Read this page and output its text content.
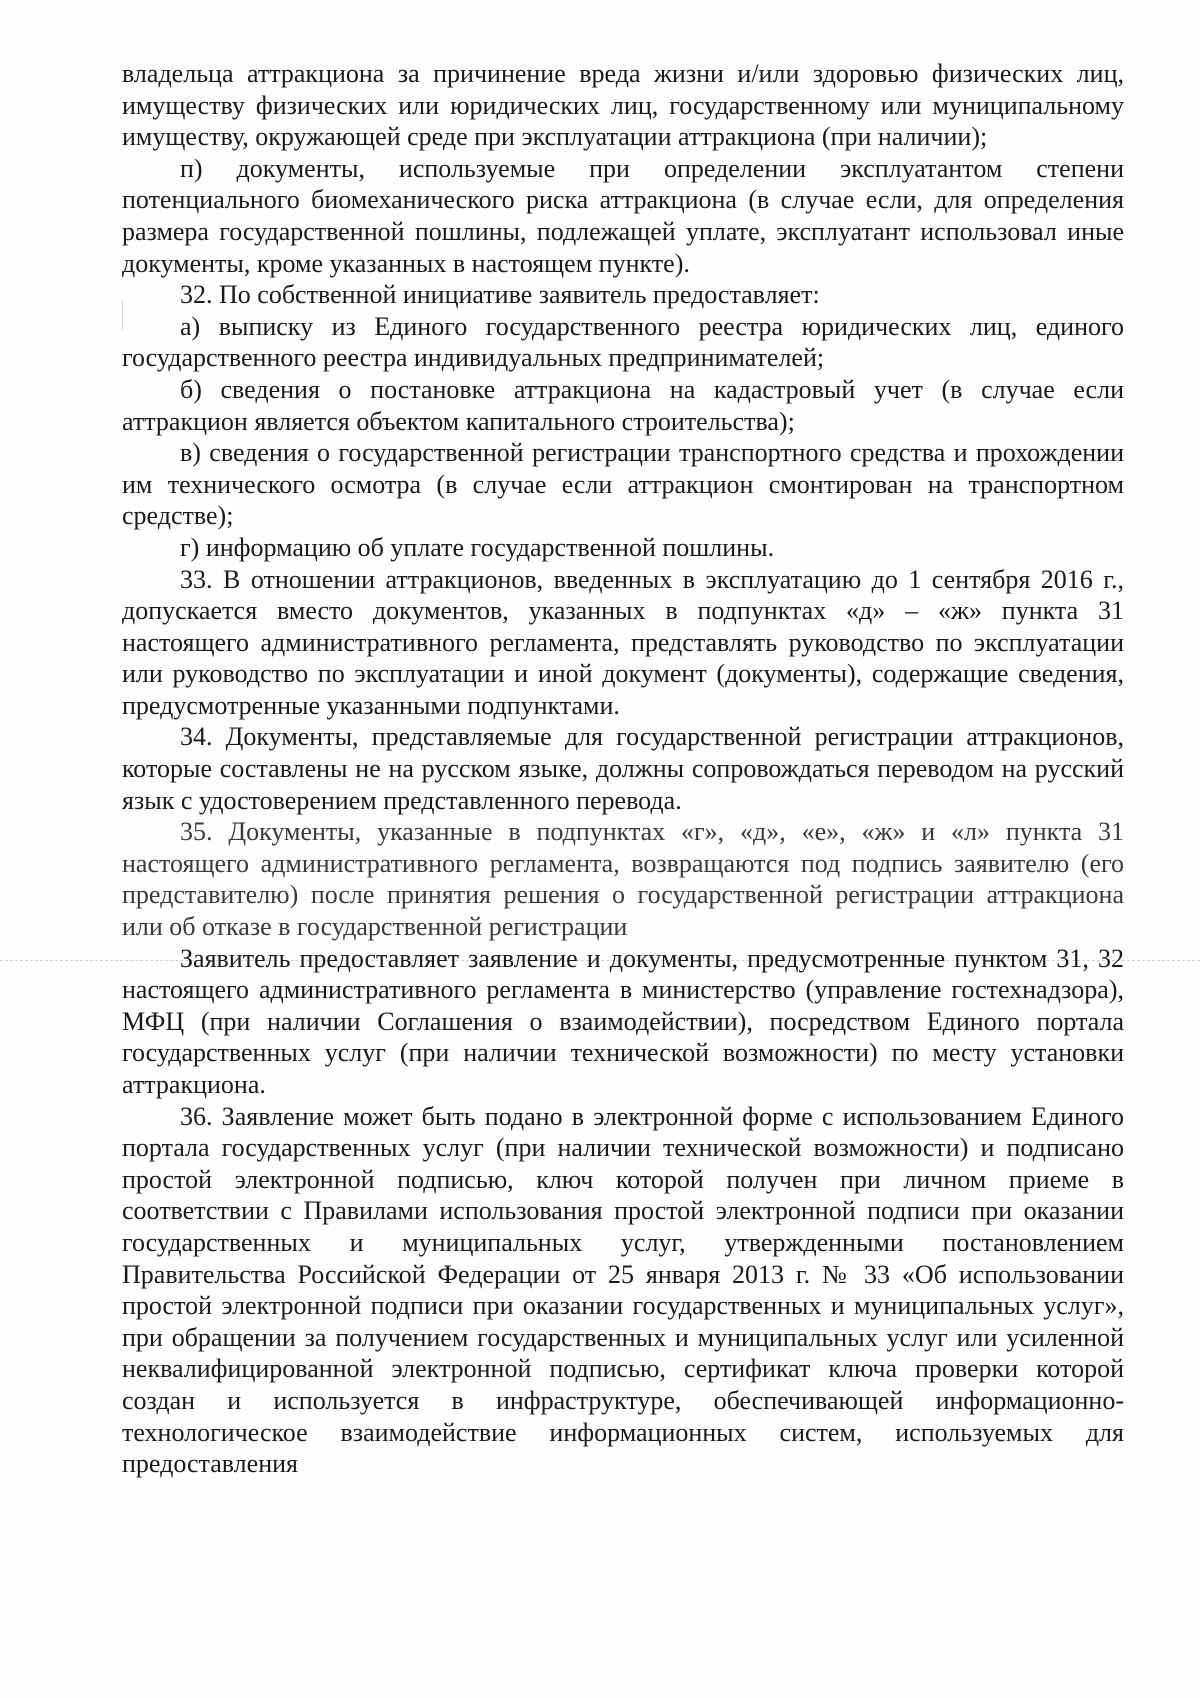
владельца аттракциона за причинение вреда жизни и/или здоровью физических лиц, имуществу физических или юридических лиц, государственному или муниципальному имуществу, окружающей среде при эксплуатации аттракциона (при наличии);

п) документы, используемые при определении эксплуатантом степени потенциального биомеханического риска аттракциона (в случае если, для определения размера государственной пошлины, подлежащей уплате, эксплуатант использовал иные документы, кроме указанных в настоящем пункте).

32. По собственной инициативе заявитель предоставляет:

а) выписку из Единого государственного реестра юридических лиц, единого государственного реестра индивидуальных предпринимателей;

б) сведения о постановке аттракциона на кадастровый учет (в случае если аттракцион является объектом капитального строительства);

в) сведения о государственной регистрации транспортного средства и прохождении им технического осмотра (в случае если аттракцион смонтирован на транспортном средстве);

г) информацию об уплате государственной пошлины.

33. В отношении аттракционов, введенных в эксплуатацию до 1 сентября 2016 г., допускается вместо документов, указанных в подпунктах «д» – «ж» пункта 31 настоящего административного регламента, представлять руководство по эксплуатации или руководство по эксплуатации и иной документ (документы), содержащие сведения, предусмотренные указанными подпунктами.

34. Документы, представляемые для государственной регистрации аттракционов, которые составлены не на русском языке, должны сопровождаться переводом на русский язык с удостоверением представленного перевода.

35. Документы, указанные в подпунктах «г», «д», «е», «ж» и «л» пункта 31 настоящего административного регламента, возвращаются под подпись заявителю (его представителю) после принятия решения о государственной регистрации аттракциона или об отказе в государственной регистрации

Заявитель предоставляет заявление и документы, предусмотренные пунктом 31, 32 настоящего административного регламента в министерство (управление гостехнадзора), МФЦ (при наличии Соглашения о взаимодействии), посредством Единого портала государственных услуг (при наличии технической возможности) по месту установки аттракциона.

36. Заявление может быть подано в электронной форме с использованием Единого портала государственных услуг (при наличии технической возможности) и подписано простой электронной подписью, ключ которой получен при личном приеме в соответствии с Правилами использования простой электронной подписи при оказании государственных и муниципальных услуг, утвержденными постановлением Правительства Российской Федерации от 25 января 2013 г. № 33 «Об использовании простой электронной подписи при оказании государственных и муниципальных услуг», при обращении за получением государственных и муниципальных услуг или усиленной неквалифицированной электронной подписью, сертификат ключа проверки которой создан и используется в инфраструктуре, обеспечивающей информационно-технологическое взаимодействие информационных систем, используемых для предоставления
